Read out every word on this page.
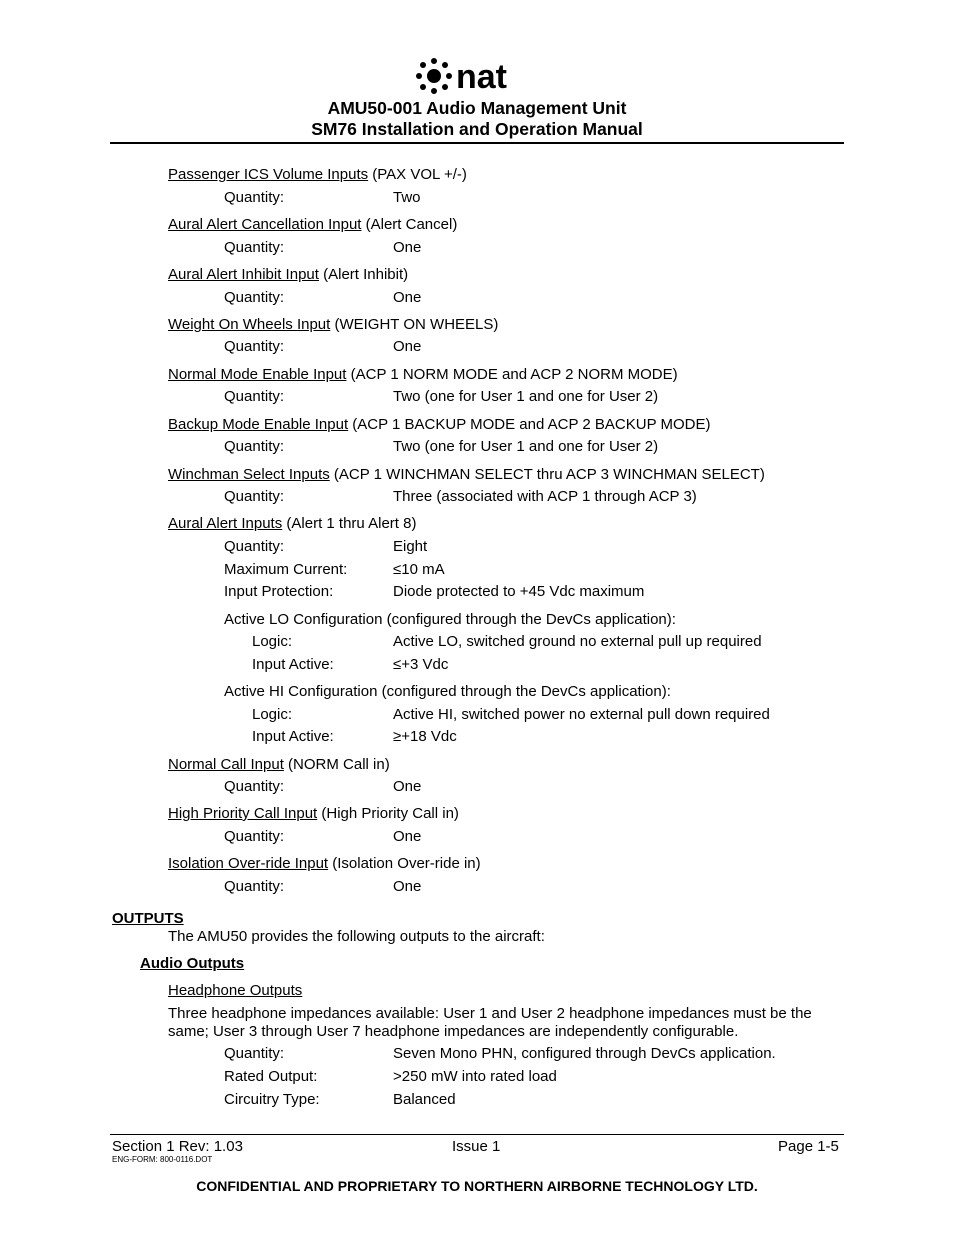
nat
AMU50-001 Audio Management Unit
SM76 Installation and Operation Manual
Passenger ICS Volume Inputs (PAX VOL +/-)
Quantity:	Two
Aural Alert Cancellation Input (Alert Cancel)
Quantity:	One
Aural Alert Inhibit Input (Alert Inhibit)
Quantity:	One
Weight On Wheels Input (WEIGHT ON WHEELS)
Quantity:	One
Normal Mode Enable Input (ACP 1 NORM MODE and ACP 2 NORM MODE)
Quantity:	Two (one for User 1 and one for User 2)
Backup Mode Enable Input (ACP 1 BACKUP MODE and ACP 2 BACKUP MODE)
Quantity:	Two (one for User 1 and one for User 2)
Winchman Select Inputs (ACP 1 WINCHMAN SELECT thru ACP 3 WINCHMAN SELECT)
Quantity:	Three (associated with ACP 1 through ACP 3)
Aural Alert Inputs (Alert 1 thru Alert 8)
Quantity:	Eight
Maximum Current:	≤10 mA
Input Protection:	Diode protected to +45 Vdc maximum
Active LO Configuration (configured through the DevCs application):
Logic:	Active LO, switched ground no external pull up required
Input Active:	≤+3 Vdc
Active HI Configuration (configured through the DevCs application):
Logic:	Active HI, switched power no external pull down required
Input Active:	≥+18 Vdc
Normal Call Input (NORM Call in)
Quantity:	One
High Priority Call Input (High Priority Call in)
Quantity:	One
Isolation Over-ride Input (Isolation Over-ride in)
Quantity:	One
OUTPUTS
The AMU50 provides the following outputs to the aircraft:
Audio Outputs
Headphone Outputs
Three headphone impedances available: User 1 and User 2 headphone impedances must be the
same; User 3 through User 7 headphone impedances are independently configurable.
Quantity:	Seven Mono PHN, configured through DevCs application.
Rated Output:	>250 mW into rated load
Circuitry Type:	Balanced
Section 1 Rev: 1.03	Issue 1	Page 1-5
ENG-FORM: 800-0116.DOT
CONFIDENTIAL AND PROPRIETARY TO NORTHERN AIRBORNE TECHNOLOGY LTD.
